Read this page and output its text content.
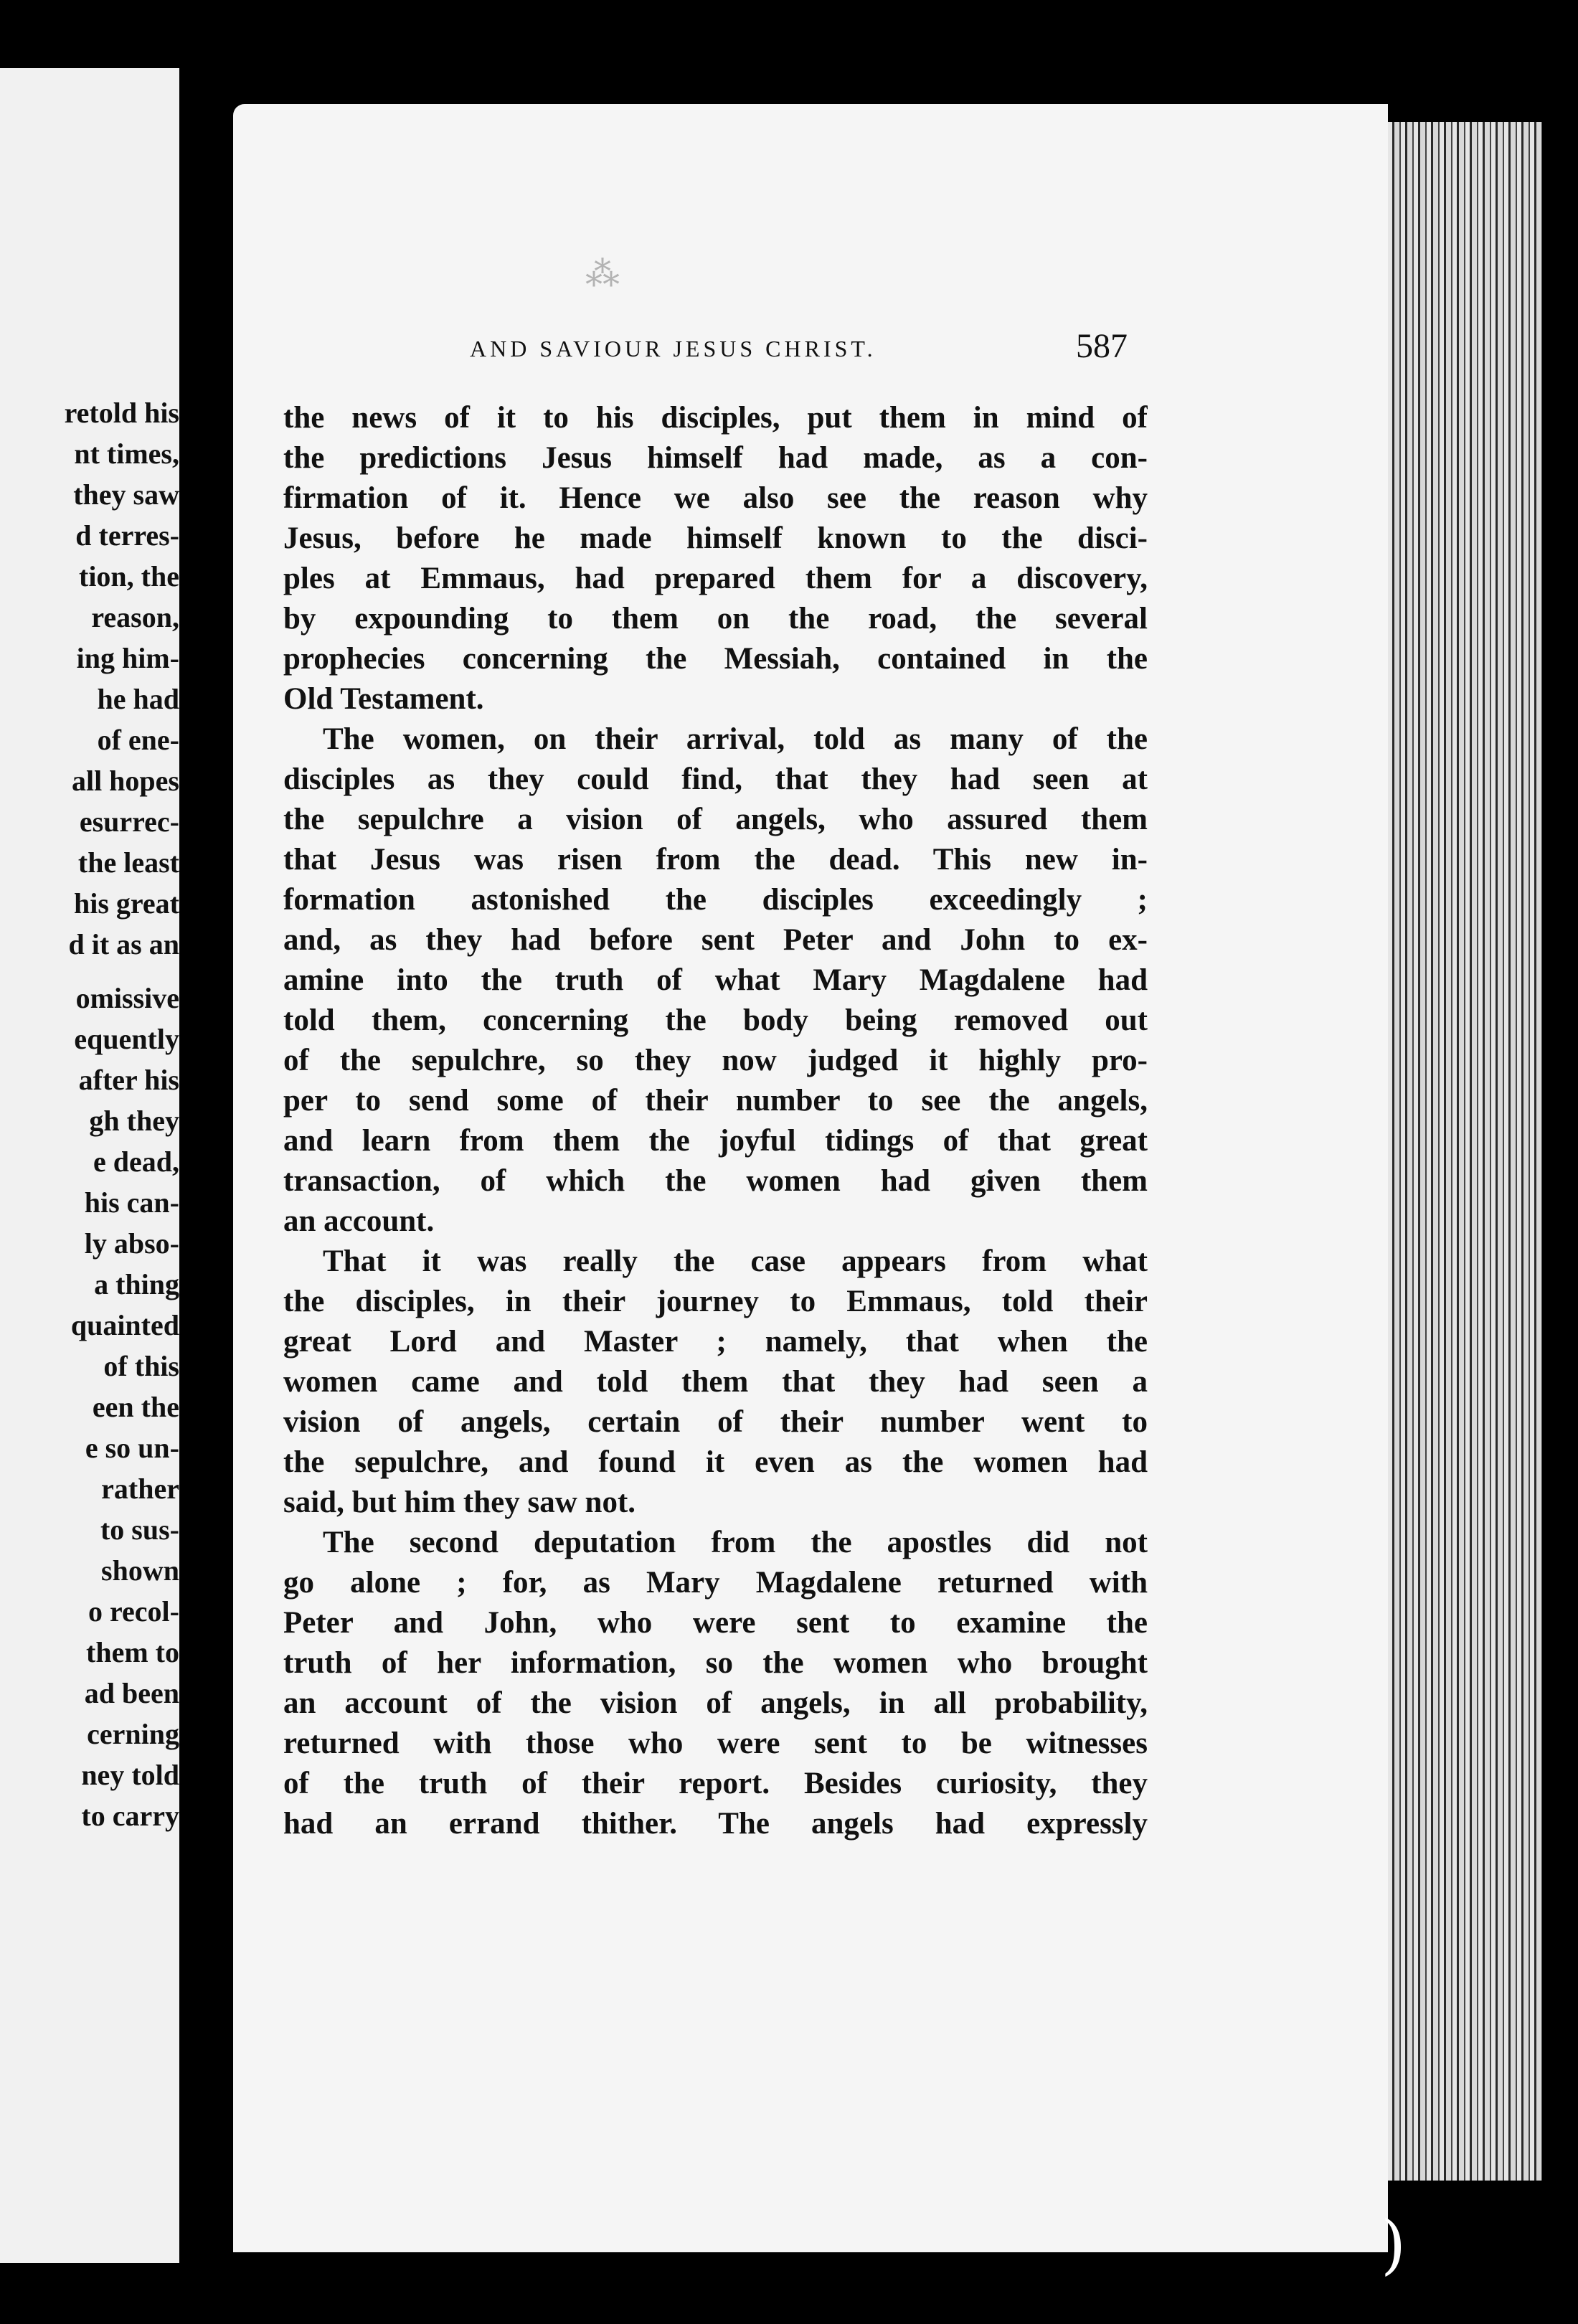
retold his
nt times,
they saw
d terres-
tion, the
reason,
ing him-
he had
of ene-
all hopes
esurrec-
the least
his great
d it as an
omissive
equently
after his
gh they
e dead,
his can-
ly abso-
a thing
quainted
of this
een the
e so un-
rather
to sus-
shown
o recol-
them to
ad been
cerning
ney told
to carry
⁂
AND SAVIOUR JESUS CHRIST.	587
the news of it to his disciples, put them in mind of
the predictions Jesus himself had made, as a con-
firmation of it. Hence we also see the reason why
Jesus, before he made himself known to the disci-
ples at Emmaus, had prepared them for a discovery,
by expounding to them on the road, the several
prophecies concerning the Messiah, contained in the
Old Testament.
The women, on their arrival, told as many of the
disciples as they could find, that they had seen at
the sepulchre a vision of angels, who assured them
that Jesus was risen from the dead. This new in-
formation astonished the disciples exceedingly ;
and, as they had before sent Peter and John to ex-
amine into the truth of what Mary Magdalene had
told them, concerning the body being removed out
of the sepulchre, so they now judged it highly pro-
per to send some of their number to see the angels,
and learn from them the joyful tidings of that great
transaction, of which the women had given them
an account.
That it was really the case appears from what
the disciples, in their journey to Emmaus, told their
great Lord and Master ; namely, that when the
women came and told them that they had seen a
vision of angels, certain of their number went to
the sepulchre, and found it even as the women had
said, but him they saw not.
The second deputation from the apostles did not
go alone ; for, as Mary Magdalene returned with
Peter and John, who were sent to examine the
truth of her information, so the women who brought
an account of the vision of angels, in all probability,
returned with those who were sent to be witnesses
of the truth of their report. Besides curiosity, they
had an errand thither. The angels had expressly
)
